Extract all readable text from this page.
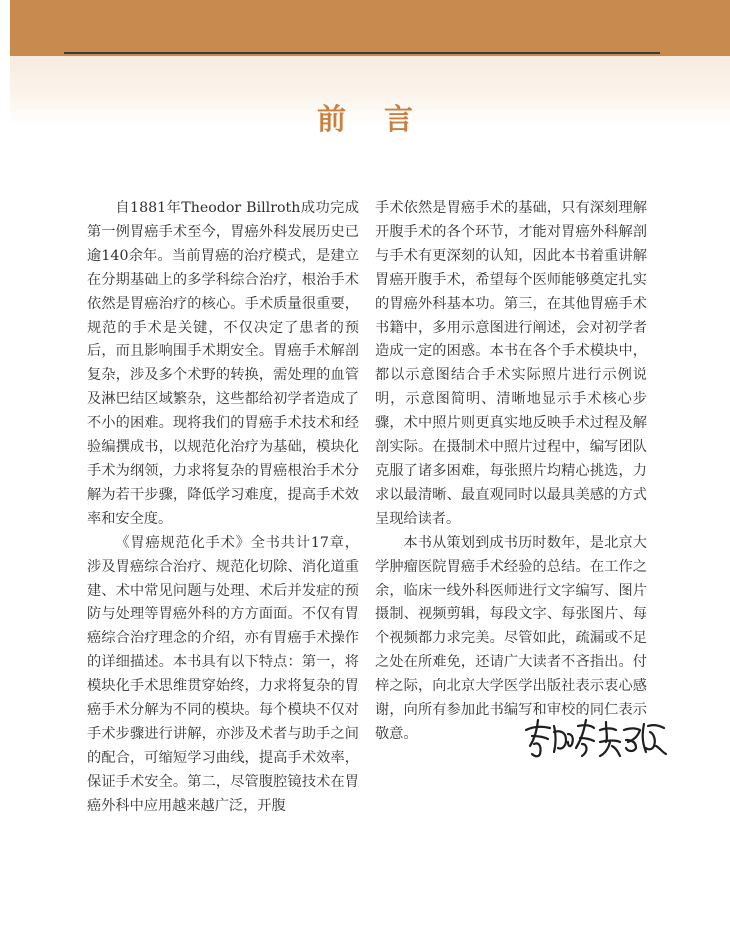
前 言

自1881年Theodor Billroth成功完成第一例胃癌手术至今，胃癌外科发展历史已逾140余年。当前胃癌的治疗模式，是建立在分期基础上的多学科综合治疗，根治手术依然是胃癌治疗的核心。手术质量很重要，规范的手术是关键，不仅决定了患者的预后，而且影响围手术期安全。胃癌手术解剖复杂，涉及多个术野的转换，需处理的血管及淋巴结区域繁杂，这些都给初学者造成了不小的困难。现将我们的胃癌手术技术和经验编撰成书，以规范化治疗为基础，模块化手术为纲领，力求将复杂的胃癌根治手术分解为若干步骤，降低学习难度，提高手术效率和安全度。

《胃癌规范化手术》全书共计17章，涉及胃癌综合治疗、规范化切除、消化道重建、术中常见问题与处理、术后并发症的预防与处理等胃癌外科的方方面面。不仅有胃癌综合治疗理念的介绍，亦有胃癌手术操作的详细描述。本书具有以下特点：第一，将模块化手术思维贯穿始终，力求将复杂的胃癌手术分解为不同的模块。每个模块不仅对手术步骤进行讲解，亦涉及术者与助手之间的配合，可缩短学习曲线，提高手术效率，保证手术安全。第二，尽管腹腔镜技术在胃癌外科中应用越来越广泛，开腹

手术依然是胃癌手术的基础，只有深刻理解开腹手术的各个环节，才能对胃癌外科解剖与手术有更深刻的认知，因此本书着重讲解胃癌开腹手术，希望每个医师能够奠定扎实的胃癌外科基本功。第三，在其他胃癌手术书籍中，多用示意图进行阐述，会对初学者造成一定的困惑。本书在各个手术模块中，都以示意图结合手术实际照片进行示例说明，示意图简明、清晰地显示手术核心步骤，术中照片则更真实地反映手术过程及解剖实际。在摄制术中照片过程中，编写团队克服了诸多困难，每张照片均精心挑选，力求以最清晰、最直观同时以最具美感的方式呈现给读者。

本书从策划到成书历时数年，是北京大学肿瘤医院胃癌手术经验的总结。在工作之余，临床一线外科医师进行文字编写、图片摄制、视频剪辑，每段文字、每张图片、每个视频都力求完美。尽管如此，疏漏或不足之处在所难免，还请广大读者不吝指出。付梓之际，向北京大学医学出版社表示衷心感谢，向所有参加此书编写和审校的同仁表示敬意。
